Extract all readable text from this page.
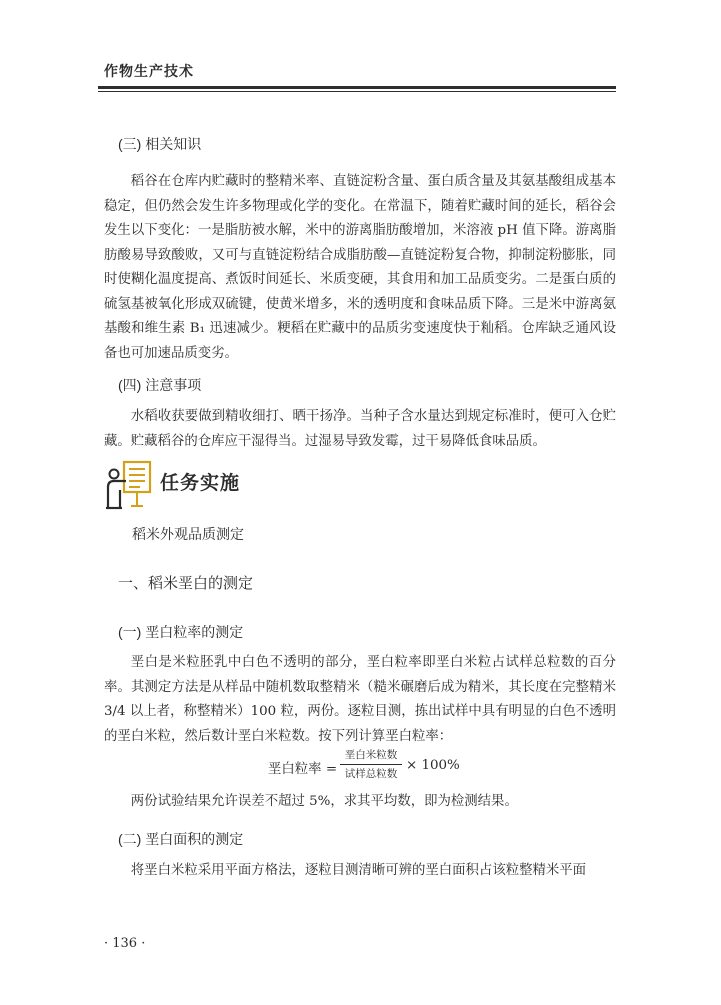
作物生产技术
(三) 相关知识

稻谷在仓库内贮藏时的整精米率、直链淀粉含量、蛋白质含量及其氨基酸组成基本稳定，但仍然会发生许多物理或化学的变化。在常温下，随着贮藏时间的延长，稻谷会发生以下变化：一是脂肪被水解，米中的游离脂肪酸增加，米溶液 pH 值下降。游离脂肪酸易导致酸败，又可与直链淀粉结合成脂肪酸—直链淀粉复合物，抑制淀粉膨胀，同时使糊化温度提高、煮饭时间延长、米质变硬，其食用和加工品质变劣。二是蛋白质的硫氢基被氧化形成双硫键，使黄米增多，米的透明度和食味品质下降。三是米中游离氨基酸和维生素 B₁ 迅速减少。粳稻在贮藏中的品质劣变速度快于籼稻。仓库缺乏通风设备也可加速品质变劣。

(四) 注意事项

水稻收获要做到精收细打、晒干扬净。当种子含水量达到规定标准时，便可入仓贮藏。贮藏稻谷的仓库应干湿得当。过湿易导致发霉，过干易降低食味品质。

任务实施
稻米外观品质测定
一、稻米垩白的测定
(一) 垩白粒率的测定

垩白是米粒胚乳中白色不透明的部分，垩白粒率即垩白米粒占试样总粒数的百分率。其测定方法是从样品中随机数取整精米（糙米碾磨后成为精米，其长度在完整精米 3/4 以上者，称整精米）100 粒，两份。逐粒目测，拣出试样中具有明显的白色不透明的垩白米粒，然后数计垩白米粒数。按下列计算垩白粒率：

垩白粒率 =
垩白米粒数
试样总粒数
× 100%

两份试验结果允许误差不超过 5%，求其平均数，即为检测结果。

(二) 垩白面积的测定

将垩白米粒采用平面方格法，逐粒目测清晰可辨的垩白面积占该粒整精米平面

· 136 ·
